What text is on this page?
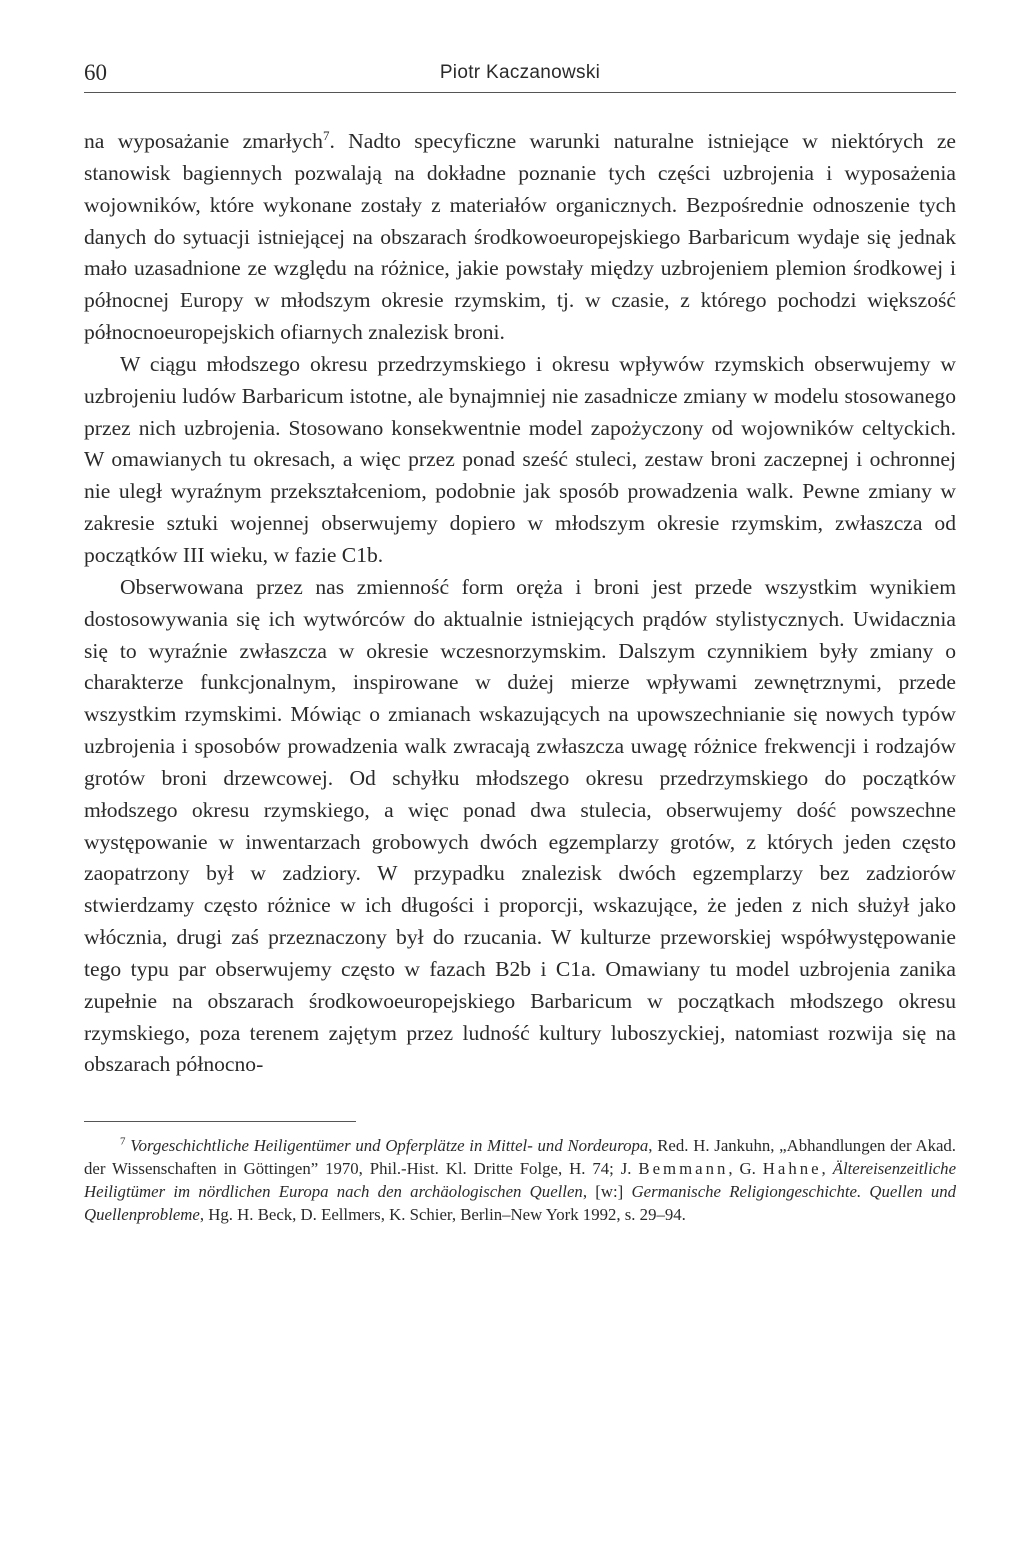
60	Piotr Kaczanowski

na wyposażanie zmarłych$^7$. Nadto specyficzne warunki naturalne istniejące w niektórych ze stanowisk bagiennych pozwalają na dokładne poznanie tych części uzbrojenia i wyposażenia wojowników, które wykonane zostały z materiałów organicznych. Bezpośrednie odnoszenie tych danych do sytuacji istniejącej na obszarach środkowoeuropejskiego Barbaricum wydaje się jednak mało uzasadnione ze względu na różnice, jakie powstały między uzbrojeniem plemion środkowej i północnej Europy w młodszym okresie rzymskim, tj. w czasie, z którego pochodzi większość północnoeuropejskich ofiarnych znalezisk broni.

W ciągu młodszego okresu przedrzymskiego i okresu wpływów rzymskich obserwujemy w uzbrojeniu ludów Barbaricum istotne, ale bynajmniej nie zasadnicze zmiany w modelu stosowanego przez nich uzbrojenia. Stosowano konsekwentnie model zapożyczony od wojowników celtyckich. W omawianych tu okresach, a więc przez ponad sześć stuleci, zestaw broni zaczepnej i ochronnej nie uległ wyraźnym przekształceniom, podobnie jak sposób prowadzenia walk. Pewne zmiany w zakresie sztuki wojennej obserwujemy dopiero w młodszym okresie rzymskim, zwłaszcza od początków III wieku, w fazie C1b.

Obserwowana przez nas zmienność form oręża i broni jest przede wszystkim wynikiem dostosowywania się ich wytwórców do aktualnie istniejących prądów stylistycznych. Uwidacznia się to wyraźnie zwłaszcza w okresie wczesnorzymskim. Dalszym czynnikiem były zmiany o charakterze funkcjonalnym, inspirowane w dużej mierze wpływami zewnętrznymi, przede wszystkim rzymskimi. Mówiąc o zmianach wskazujących na upowszechnianie się nowych typów uzbrojenia i sposobów prowadzenia walk zwracają zwłaszcza uwagę różnice frekwencji i rodzajów grotów broni drzewcowej. Od schyłku młodszego okresu przedrzymskiego do początków młodszego okresu rzymskiego, a więc ponad dwa stulecia, obserwujemy dość powszechne występowanie w inwentarzach grobowych dwóch egzemplarzy grotów, z których jeden często zaopatrzony był w zadziory. W przypadku znalezisk dwóch egzemplarzy bez zadziorów stwierdzamy często różnice w ich długości i proporcji, wskazujące, że jeden z nich służył jako włócznia, drugi zaś przeznaczony był do rzucania. W kulturze przeworskiej współwystępowanie tego typu par obserwujemy często w fazach B2b i C1a. Omawiany tu model uzbrojenia zanika zupełnie na obszarach środkowoeuropejskiego Barbaricum w początkach młodszego okresu rzymskiego, poza terenem zajętym przez ludność kultury luboszyckiej, natomiast rozwija się na obszarach północno-

$^7$ Vorgeschichtliche Heiligentümer und Opferplätze in Mittel- und Nordeuropa, Red. H. Jankuhn, „Abhandlungen der Akad. der Wissenschaften in Göttingen” 1970, Phil.-Hist. Kl. Dritte Folge, H. 74; J. Bemmann, G. Hahne, Ältereisenzeitliche Heiligtümer im nördlichen Europa nach den archäologischen Quellen, [w:] Germanische Religiongeschichte. Quellen und Quellenprobleme, Hg. H. Beck, D. Eellmers, K. Schier, Berlin–New York 1992, s. 29–94.
